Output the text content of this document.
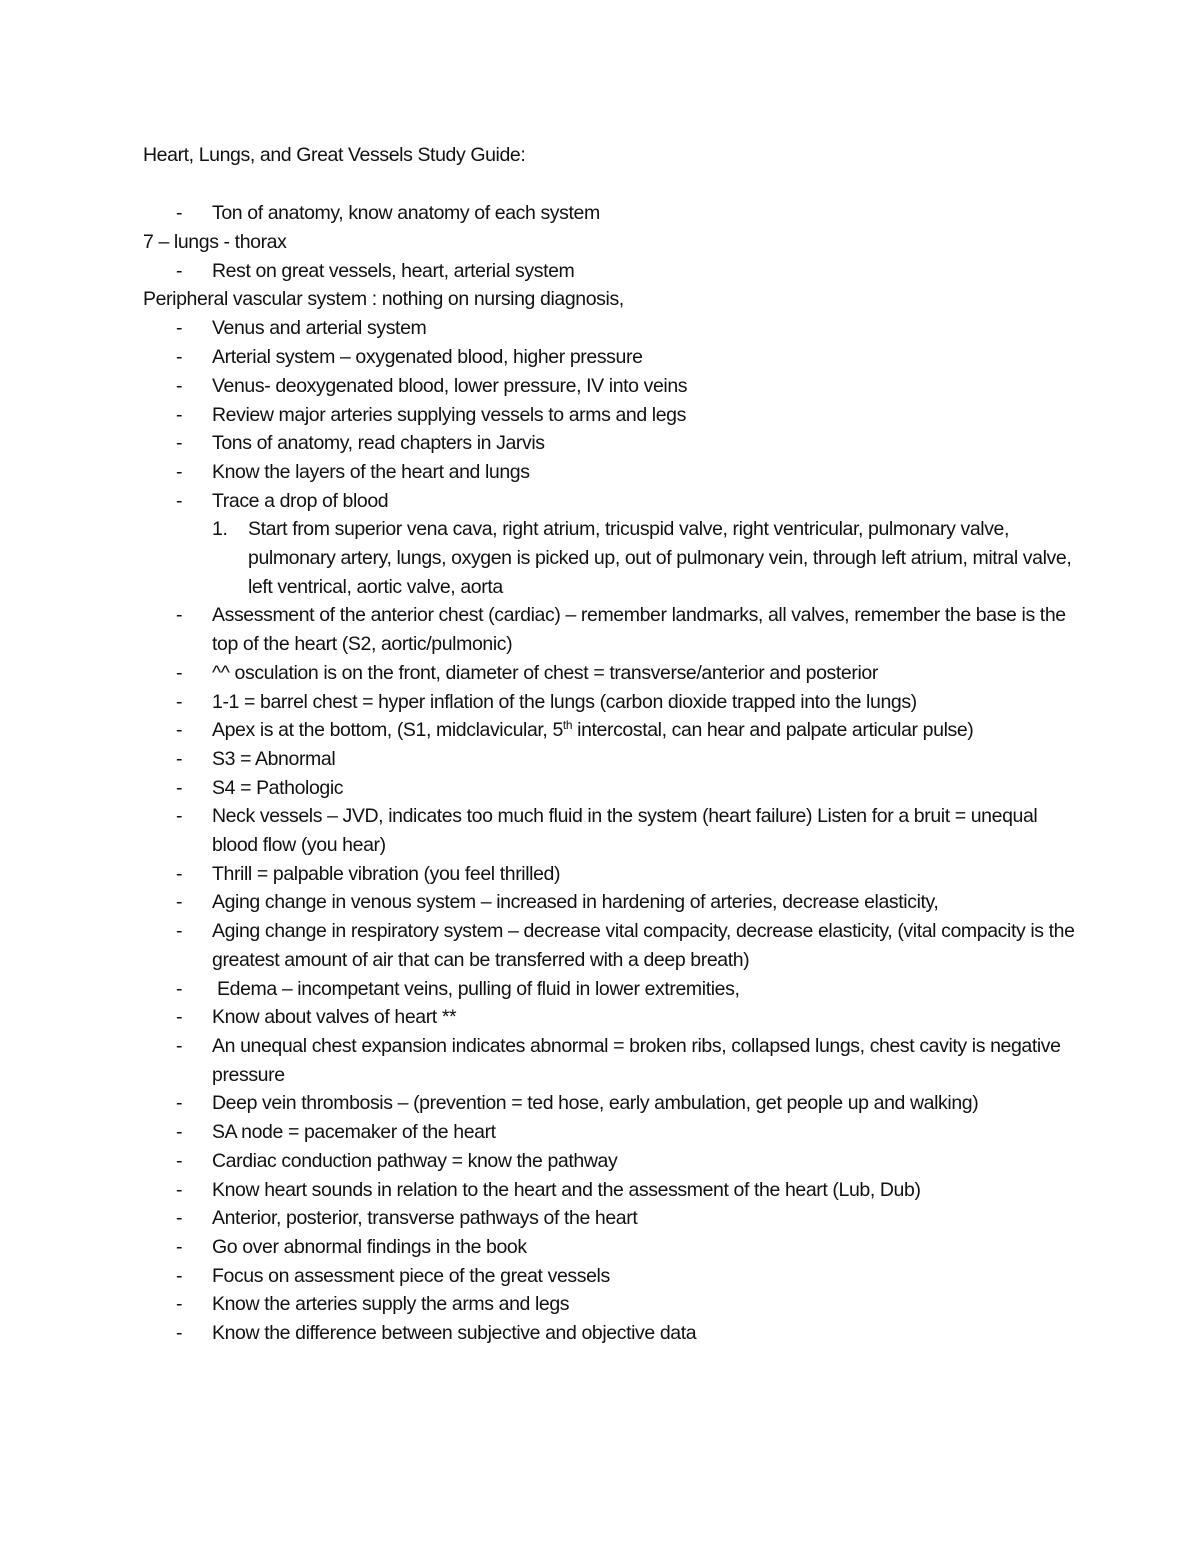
Heart, Lungs, and Great Vessels Study Guide:

- Ton of anatomy, know anatomy of each system

7 – lungs - thorax

- Rest on great vessels, heart, arterial system

Peripheral vascular system : nothing on nursing diagnosis,

- Venus and arterial system
- Arterial system – oxygenated blood, higher pressure
- Venus- deoxygenated blood, lower pressure, IV into veins
- Review major arteries supplying vessels to arms and legs
- Tons of anatomy, read chapters in Jarvis
- Know the layers of the heart and lungs
- Trace a drop of blood
1. Start from superior vena cava, right atrium, tricuspid valve, right ventricular, pulmonary valve, pulmonary artery, lungs, oxygen is picked up, out of pulmonary vein, through left atrium, mitral valve, left ventrical, aortic valve, aorta
- Assessment of the anterior chest (cardiac) – remember landmarks, all valves, remember the base is the top of the heart (S2, aortic/pulmonic)
- ^^ osculation is on the front, diameter of chest = transverse/anterior and posterior
- 1-1 = barrel chest = hyper inflation of the lungs (carbon dioxide trapped into the lungs)
- Apex is at the bottom, (S1, midclavicular, 5th intercostal, can hear and palpate articular pulse)
- S3 = Abnormal
- S4 = Pathologic
- Neck vessels – JVD, indicates too much fluid in the system (heart failure) Listen for a bruit = unequal blood flow (you hear)
- Thrill = palpable vibration (you feel thrilled)
- Aging change in venous system – increased in hardening of arteries, decrease elasticity,
- Aging change in respiratory system – decrease vital compacity, decrease elasticity, (vital compacity is the greatest amount of air that can be transferred with a deep breath)
- Edema – incompetant veins, pulling of fluid in lower extremities,
- Know about valves of heart **
- An unequal chest expansion indicates abnormal = broken ribs, collapsed lungs, chest cavity is negative pressure
- Deep vein thrombosis – (prevention = ted hose, early ambulation, get people up and walking)
- SA node = pacemaker of the heart
- Cardiac conduction pathway = know the pathway
- Know heart sounds in relation to the heart and the assessment of the heart (Lub, Dub)
- Anterior, posterior, transverse pathways of the heart
- Go over abnormal findings in the book
- Focus on assessment piece of the great vessels
- Know the arteries supply the arms and legs
- Know the difference between subjective and objective data
